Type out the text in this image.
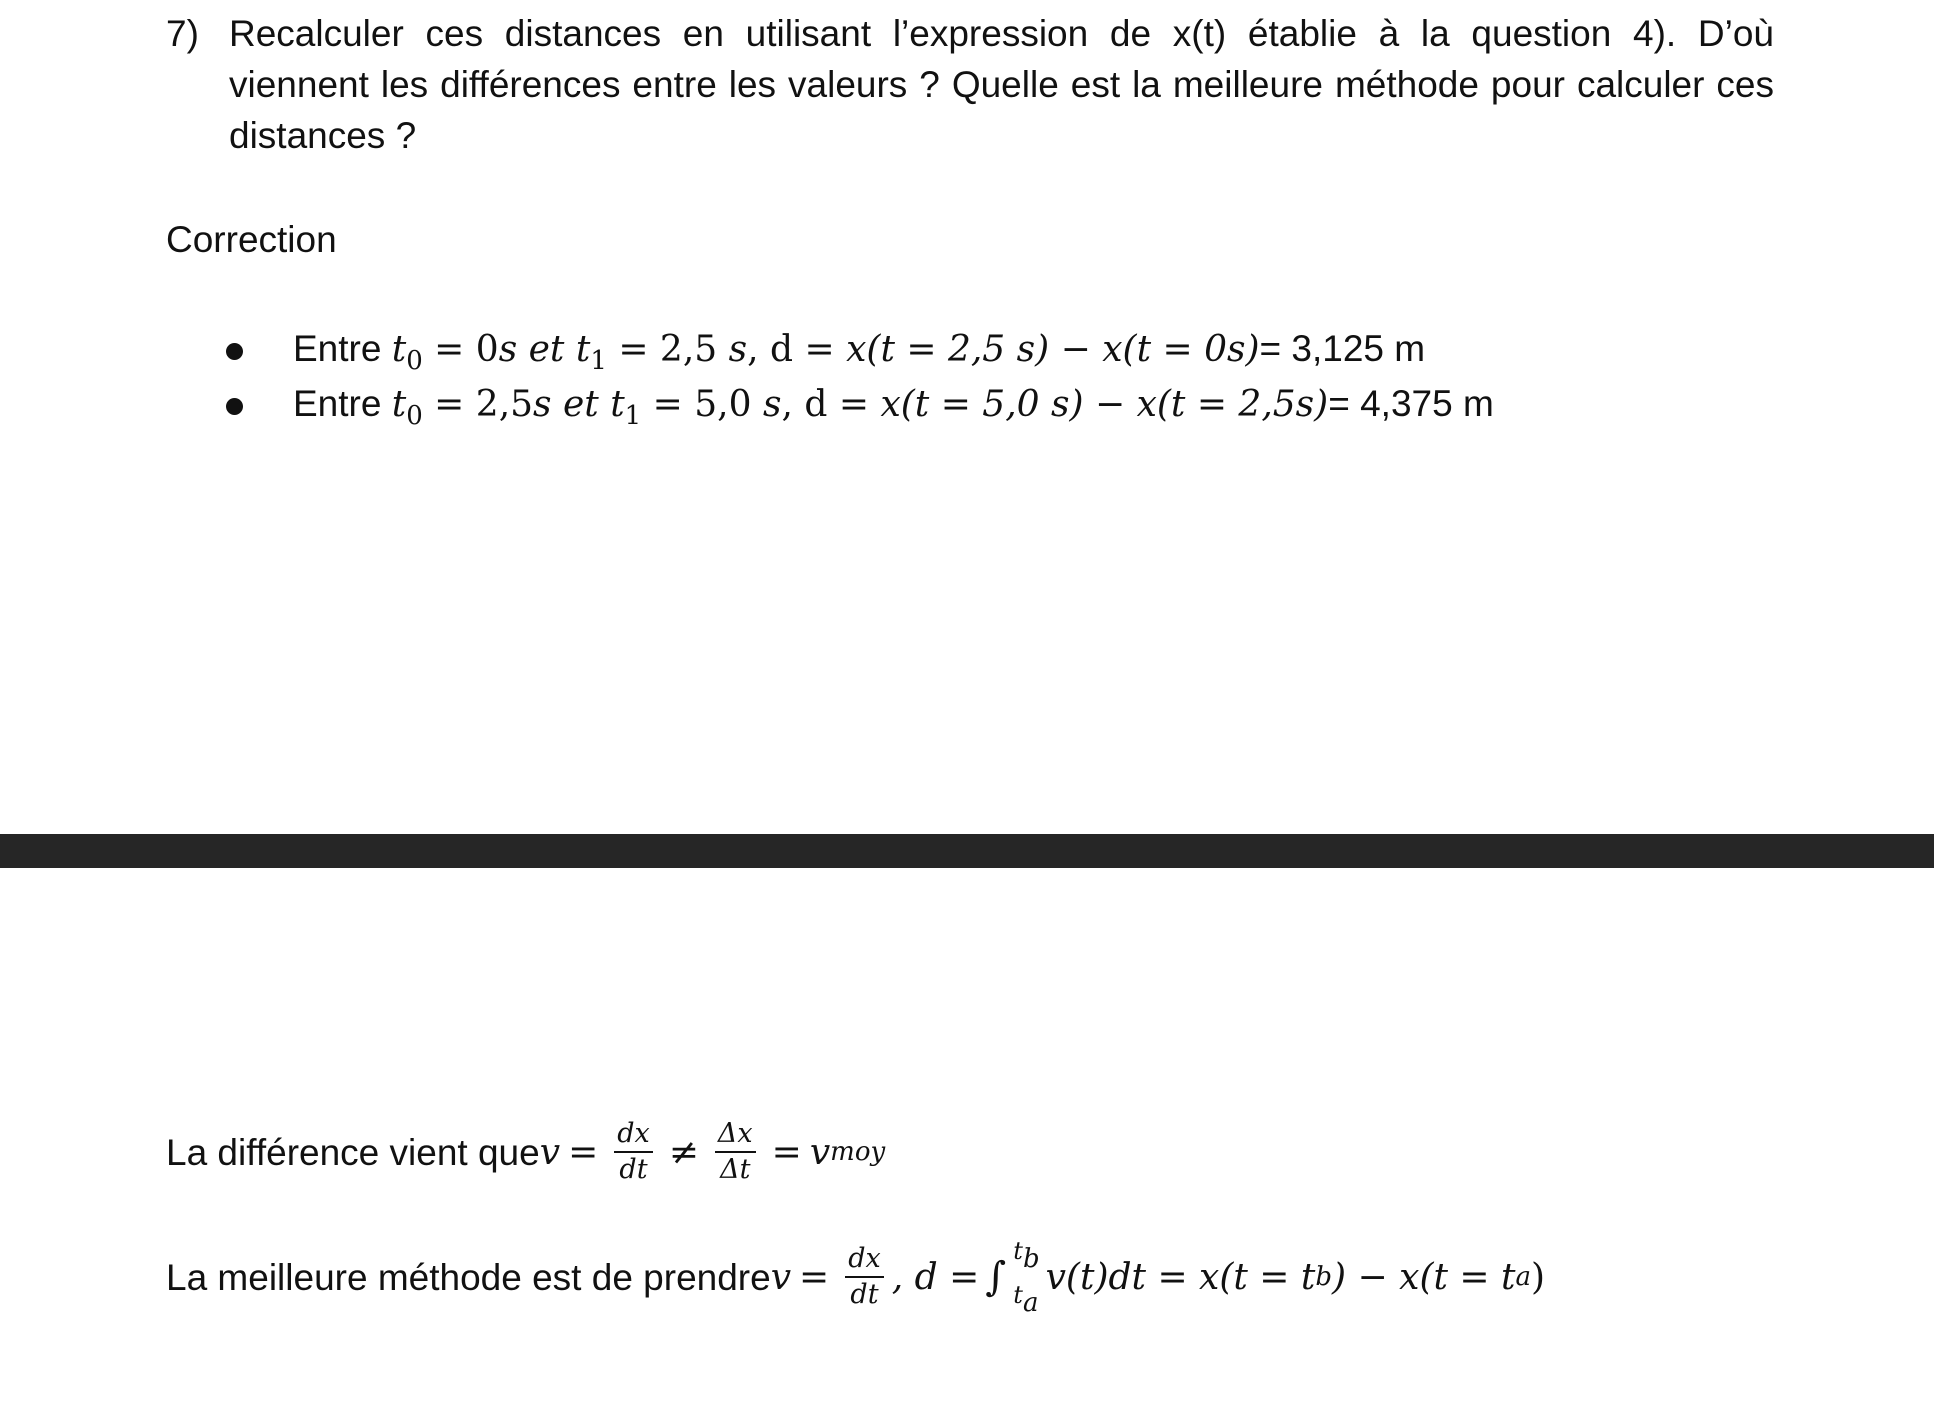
7) Recalculer ces distances en utilisant l’expression de x(t) établie à la question 4). D’où viennent les différences entre les valeurs ? Quelle est la meilleure méthode pour calculer ces distances ?
Correction
Entre $t_0 = 0s$ et $t_1 = 2,5$ s, d = x(t = 2,5 s) − x(t = 0s)= 3,125 m
Entre $t_0 = 2,5s$ et $t_1 = 5,0$ s, d = x(t = 5,0 s) − x(t = 2,5s)= 4,375 m
La différence vient que $v = \frac{dx}{dt} \ne \frac{\Delta x}{\Delta t} = v$ moy
La meilleure méthode est de prendre $v = \frac{dx}{dt}$ , d = ∫
tb
ta
v(t)dt = x(t = t b ) − x(t = t a )
